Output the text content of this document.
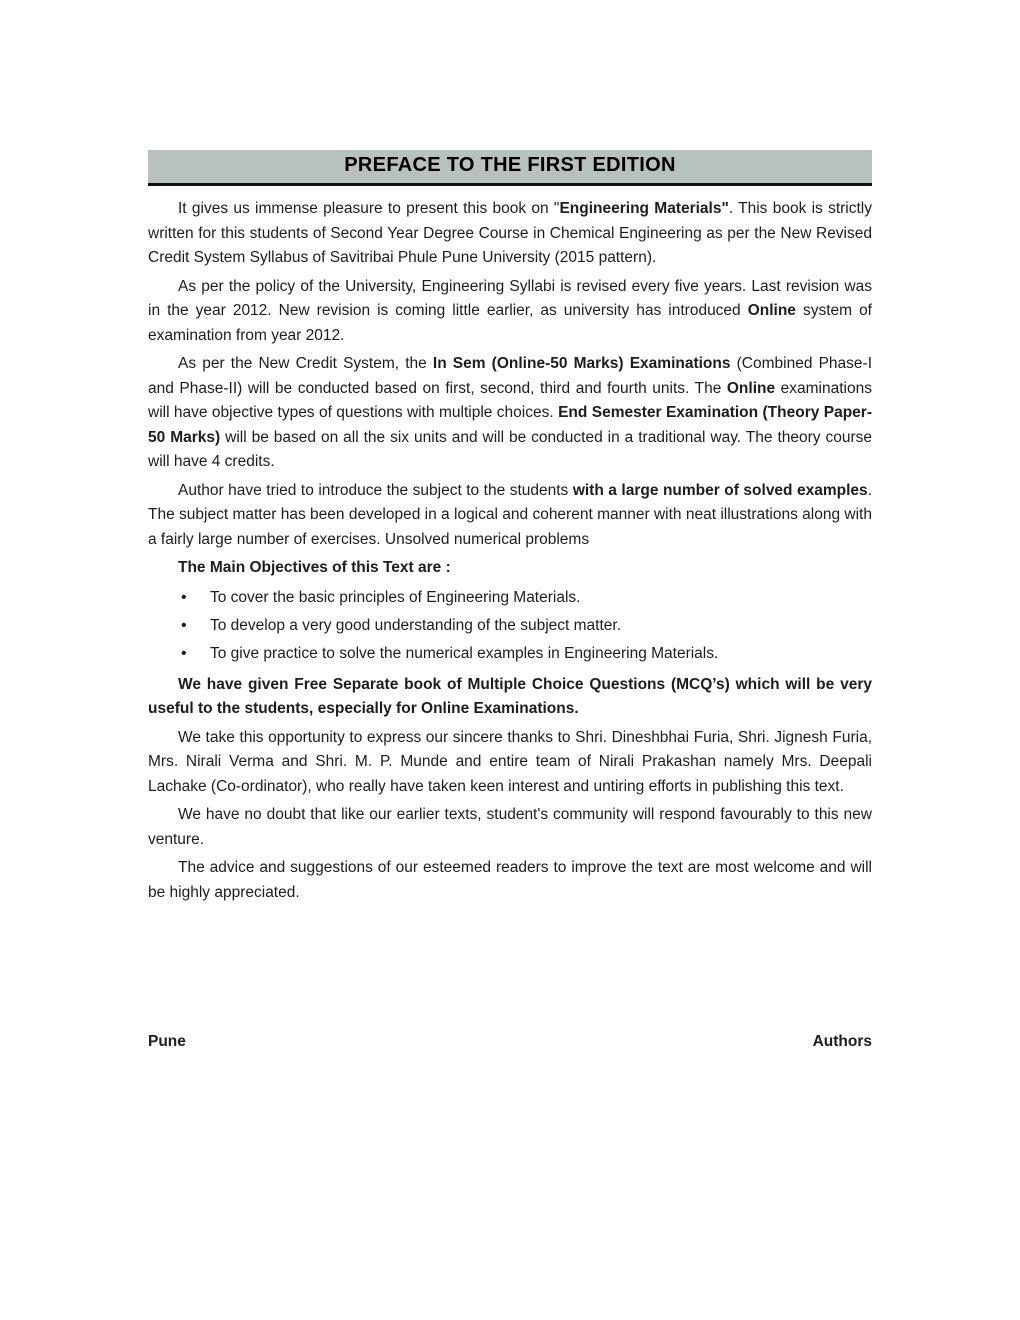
PREFACE TO THE FIRST EDITION

It gives us immense pleasure to present this book on "Engineering Materials". This book is strictly written for this students of Second Year Degree Course in Chemical Engineering as per the New Revised Credit System Syllabus of Savitribai Phule Pune University (2015 pattern).

As per the policy of the University, Engineering Syllabi is revised every five years. Last revision was in the year 2012. New revision is coming little earlier, as university has introduced Online system of examination from year 2012.

As per the New Credit System, the In Sem (Online-50 Marks) Examinations (Combined Phase-I and Phase-II) will be conducted based on first, second, third and fourth units. The Online examinations will have objective types of questions with multiple choices. End Semester Examination (Theory Paper-50 Marks) will be based on all the six units and will be conducted in a traditional way. The theory course will have 4 credits.

Author have tried to introduce the subject to the students with a large number of solved examples. The subject matter has been developed in a logical and coherent manner with neat illustrations along with a fairly large number of exercises. Unsolved numerical problems

The Main Objectives of this Text are :

• To cover the basic principles of Engineering Materials.
• To develop a very good understanding of the subject matter.
• To give practice to solve the numerical examples in Engineering Materials.

We have given Free Separate book of Multiple Choice Questions (MCQ’s) which will be very useful to the students, especially for Online Examinations.

We take this opportunity to express our sincere thanks to Shri. Dineshbhai Furia, Shri. Jignesh Furia, Mrs. Nirali Verma and Shri. M. P. Munde and entire team of Nirali Prakashan namely Mrs. Deepali Lachake (Co-ordinator), who really have taken keen interest and untiring efforts in publishing this text.

We have no doubt that like our earlier texts, student's community will respond favourably to this new venture.

The advice and suggestions of our esteemed readers to improve the text are most welcome and will be highly appreciated.

Pune	Authors
